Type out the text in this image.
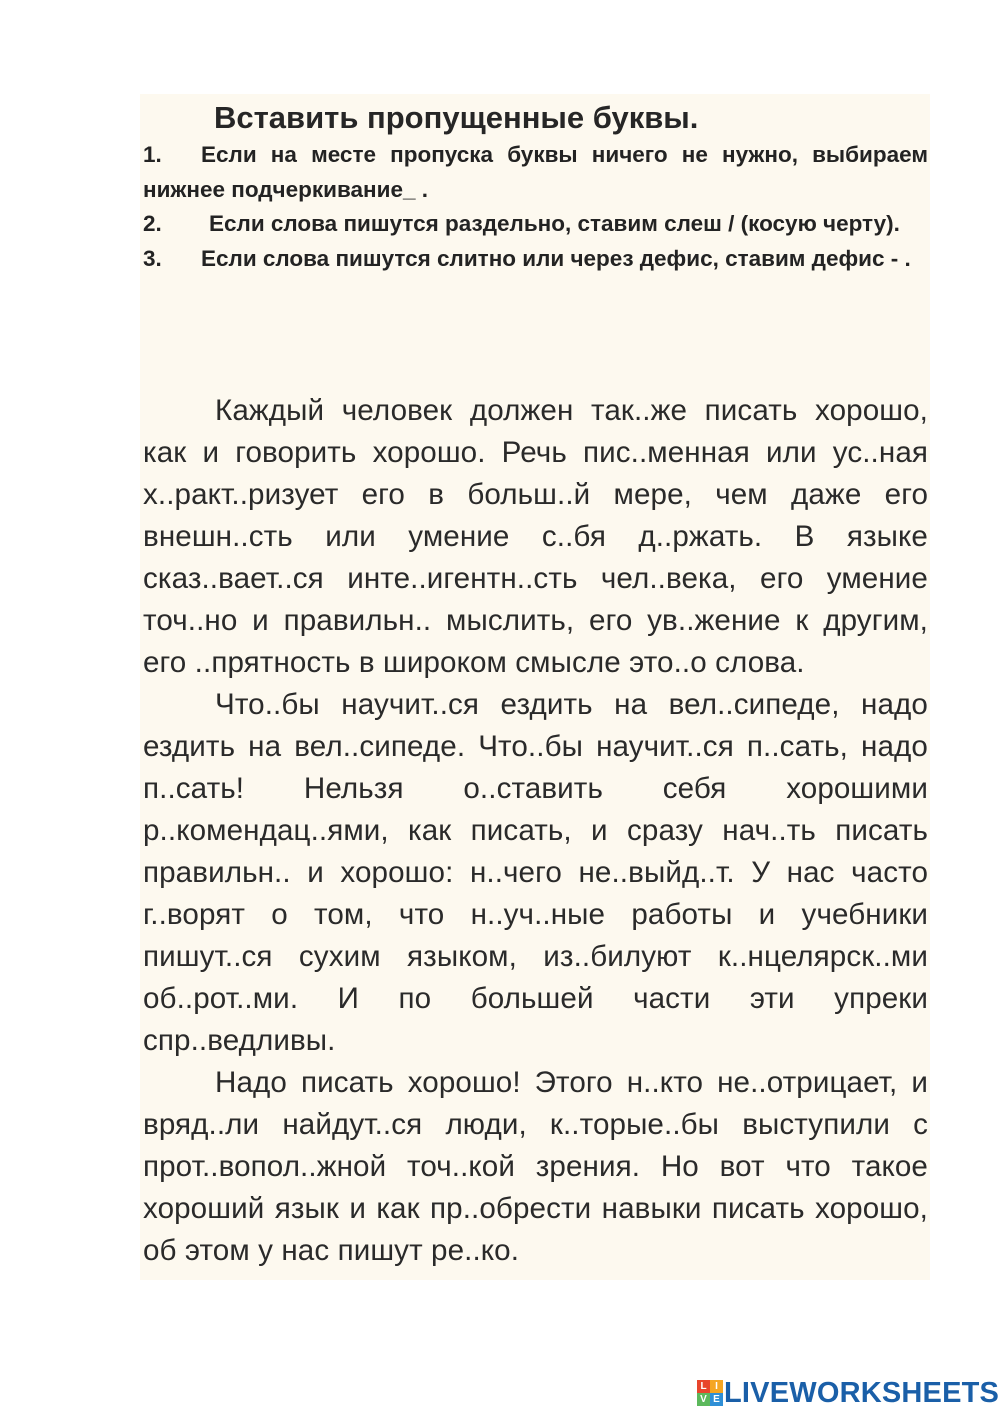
Вставить пропущенные буквы.
1. Если на месте пропуска буквы ничего не нужно, выбираем нижнее подчеркивание_ .
2. Если слова пишутся раздельно, ставим слеш / (косую черту).
3. Если слова пишутся слитно или через дефис, ставим дефис - .

Каждый человек должен так..же писать хорошо, как и говорить хорошо. Речь пис..менная или ус..ная х..ракт..ризует его в больш..й мере, чем даже его внешн..сть или умение с..бя д..ржать. В языке сказ..вает..ся инте..игентн..сть чел..века, его умение точ..но и правильн.. мыслить, его ув..жение к другим, его ..прятность в широком смысле это..о слова.

Что..бы научит..ся ездить на вел..сипеде, надо ездить на вел..сипеде. Что..бы научит..ся п..сать, надо п..сать! Нельзя о..ставить себя хорошими р..комендац..ями, как писать, и сразу нач..ть писать правильн.. и хорошо: н..чего не..выйд..т. У нас часто г..ворят о том, что н..уч..ные работы и учебники пишут..ся сухим языком, из..билуют к..нцелярск..ми об..рот..ми. И по большей части эти упреки спр..ведливы.

Надо писать хорошо! Этого н..кто не..отрицает, и вряд..ли найдут..ся люди, к..торые..бы выступили с прот..вопол..жной точ..кой зрения. Но вот что такое хороший язык и как пр..обрести навыки писать хорошо, об этом у нас пишут ре..ко.

L I
V E LIVEWORKSHEETS
